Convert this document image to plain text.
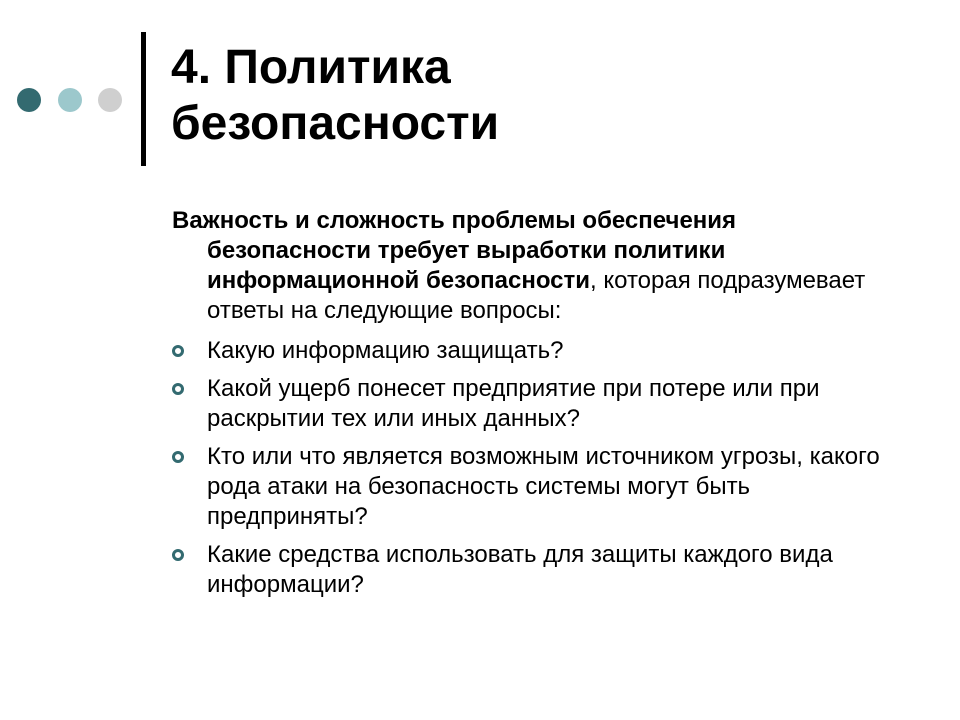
4. Политика
безопасности

Важность и сложность проблемы обеспечения безопасности требует выработки политики информационной безопасности, которая подразумевает ответы на следующие вопросы:

Какую информацию защищать?
Какой ущерб понесет предприятие при потере или при раскрытии тех или иных данных?
Кто или что является возможным источником угрозы, какого рода атаки на безопасность системы могут быть предприняты?
Какие средства использовать для защиты каждого вида информации?
